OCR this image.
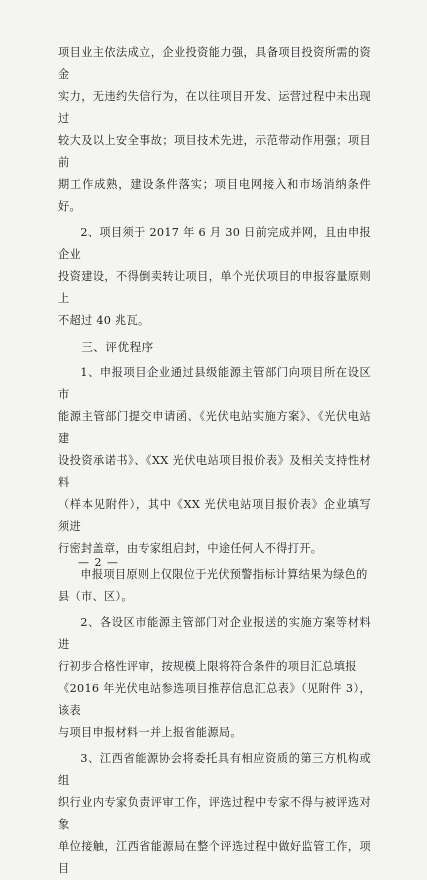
项目业主依法成立，企业投资能力强，具备项目投资所需的资金
实力，无违约失信行为，在以往项目开发、运营过程中未出现过
较大及以上安全事故；项目技术先进，示范带动作用强；项目前
期工作成熟，建设条件落实；项目电网接入和市场消纳条件好。

2、项目须于 2017 年 6 月 30 日前完成并网，且由申报企业
投资建设，不得倒卖转让项目，单个光伏项目的申报容量原则上
不超过 40 兆瓦。

三、评优程序

1、申报项目企业通过县级能源主管部门向项目所在设区市
能源主管部门提交申请函、《光伏电站实施方案》、《光伏电站建
设投资承诺书》、《XX 光伏电站项目报价表》及相关支持性材料
（样本见附件），其中《XX 光伏电站项目报价表》企业填写须进
行密封盖章，由专家组启封，中途任何人不得打开。

申报项目原则上仅限位于光伏预警指标计算结果为绿色的
县（市、区）。

2、各设区市能源主管部门对企业报送的实施方案等材料进
行初步合格性评审，按规模上限将符合条件的项目汇总填报
《2016 年光伏电站参选项目推荐信息汇总表》（见附件 3），该表
与项目申报材料一并上报省能源局。

3、江西省能源协会将委托具有相应资质的第三方机构或组
织行业内专家负责评审工作，评选过程中专家不得与被评选对象
单位接触，江西省能源局在整个评选过程中做好监管工作，项目

— 2 —
